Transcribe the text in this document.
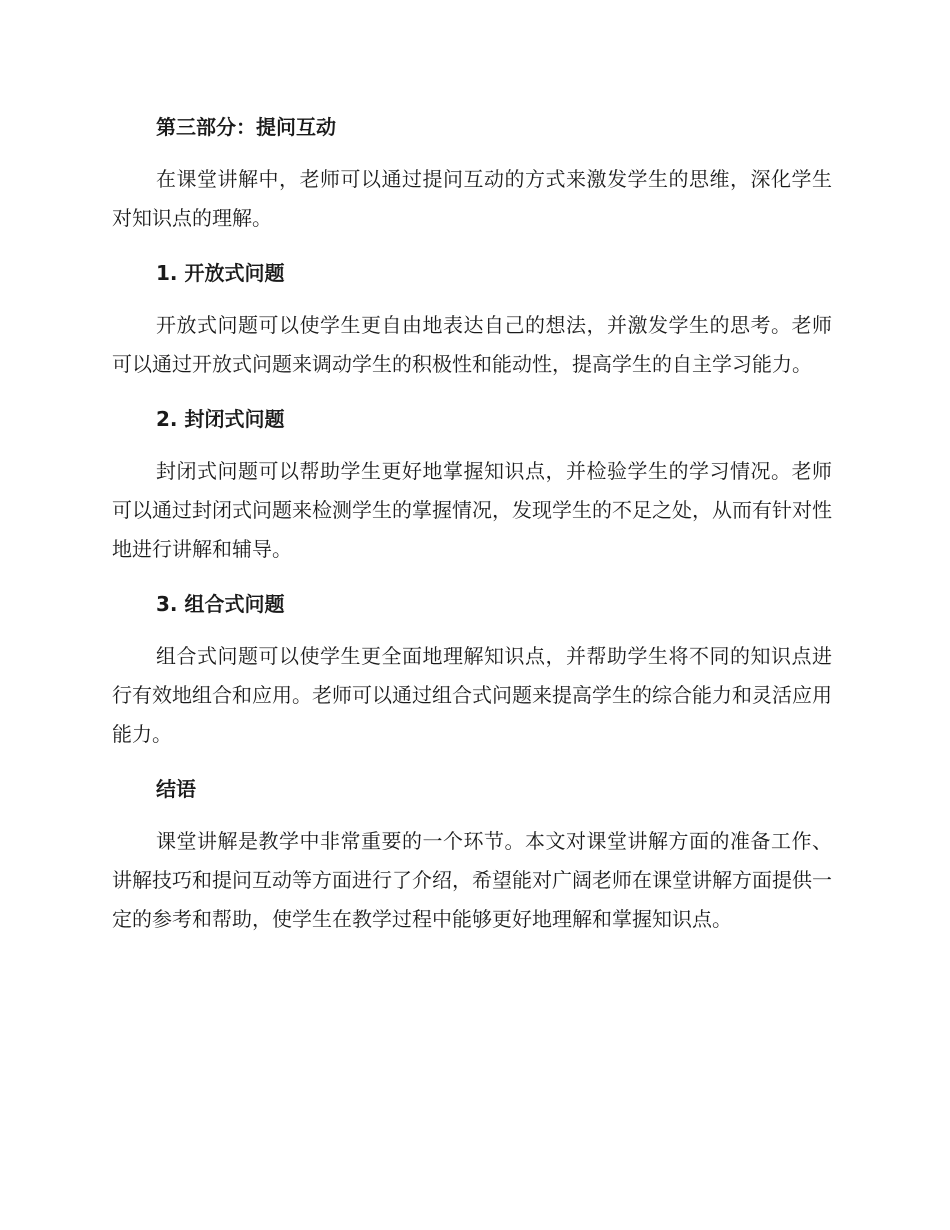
第三部分：提问互动

在课堂讲解中，老师可以通过提问互动的方式来激发学生的思维，深化学生对知识点的理解。

1. 开放式问题

开放式问题可以使学生更自由地表达自己的想法，并激发学生的思考。老师可以通过开放式问题来调动学生的积极性和能动性，提高学生的自主学习能力。

2. 封闭式问题

封闭式问题可以帮助学生更好地掌握知识点，并检验学生的学习情况。老师可以通过封闭式问题来检测学生的掌握情况，发现学生的不足之处，从而有针对性地进行讲解和辅导。

3. 组合式问题

组合式问题可以使学生更全面地理解知识点，并帮助学生将不同的知识点进行有效地组合和应用。老师可以通过组合式问题来提高学生的综合能力和灵活应用能力。

结语

课堂讲解是教学中非常重要的一个环节。本文对课堂讲解方面的准备工作、讲解技巧和提问互动等方面进行了介绍，希望能对广阔老师在课堂讲解方面提供一定的参考和帮助，使学生在教学过程中能够更好地理解和掌握知识点。
